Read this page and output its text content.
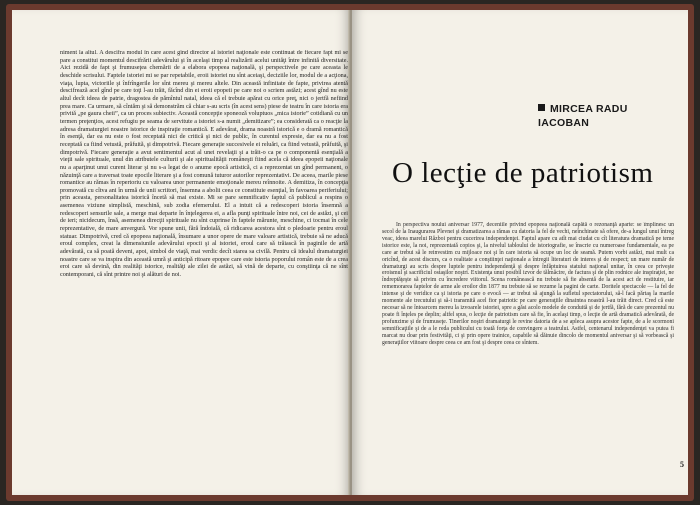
niment la altul. A descifra modul în care acest gînd director al istoriei naţionale este continuat de fiecare fapt mi se pare a constitui momentul descifrării adevărului şi în acelaşi timp al realizării acelui unităţi între infinită diversitate. Aici rezidă de fapt şi frumuseţea chemării de a elabora epopeea naţională, şi perspectivele pe care aceasta le deschide scrisului. Faptele istoriei mi se par repetabile, eroii istoriei nu sînt aceiaşi, deciziile lor, modul de a acţiona, viaţa, lupta, victoriile şi înfrîngerile lor sînt mereu şi mereu altele. Din această infinitate de fapte, privirea atentă descifrează acel gînd pe care toţi l-au trăit, făcînd din ei eroii epopeii pe care noi o scriem astăzi; acest gînd nu este altul decît ideea de patrie, dragostea de pămîntul natal, ideea că el trebuie apărat cu orice preţ, nici o jertfă nefiind prea mare. Ca urmare, să cîntăm şi să demonstrăm că chiar s-au scris (în acest sens) piese de teatru în care istoria era privită „pe gaura cheii”, ca un proces subiectiv. Această concepţie sponeoză voluptuos „mica istorie” cotidiană cu un termen preţenţios, acest refugiu pe seama de servitute a istoriei s-a numit „demitizare”; ea considerată ca o reacţie la adresa dramaturgiei noastre istorice de inspiraţie romantică. E adevărat, drama noastră istorică e o dramă romantică în esenţă, dar ea nu este o fost receptată nici de critică şi nici de public, în curentul expresie, dar ea nu a fost receptată ca fiind vetustă, prăfuită, şi dimpotrivă. Fiecare generaţie succesivele ei reluări, ca fiind vetustă, prăfuită, şi dimpotrivă. Fiecare generaţie a avut sentimentul acut al unei revelaţii şi a trăit-o ca pe o componentă esenţială a vieţii sale spirituale, unul din atributele culturii şi ale spiritualităţii româneşti fiind acela că ideea epopeii naţionale nu a aparţinut unui curent literar şi nu s-a legat de o anume epocă artistică, ci a reprezentat un gînd permanent, o năzuinţă care a traversat toate epocile literare şi a fost comună tuturor autorilor reprezentativi. De aceea, marile piese romantice au rămas în repertoriu cu valoarea unor permanente emoţionale mereu reînnoite. A demitiza, în concepţia promovată cu cîtva ani în urmă de unii scriitori, însemna a abolii ceea ce constituie esenţial, în favoarea periferiului; prin aceasta, personalitatea istorică încetă să mai existe. Mi se pare semnificativ faptul că publicul a respins o asemenea viziune simplistă, meschină, sub zodia efemerului. El a intuit că a redescoperi istoria însemnă a redescoperi sensurile sale, a merge mai departe în înţelegerea ei, a afla punţi spirituale între noi, cei de astăzi, şi cei de ieri; nicidecum, însă, asemenea direcţii spirituale nu sînt cuprinse în faptele mărunte, meschine, ci tocmai în cele reprezentative, de mare anvergură. Vor spune unii, fără îndoială, că ridicarea acestora sînt o pledoarie pentru eroul statuar. Dimpotrivă, cred că epopeea naţională, însumare a unor opere de mare valoare artistică, trebuie să ne aducă eroul complex, creat la dimensiunile adevărului epocii şi al istoriei, eroul care să trăiască în paginile de artă adevărată, ca să poată deveni, apoi, simbol de viaţă, mai verdic decît starea sa civilă. Pentru că idealul dramaturgiei noastre care se va inspira din această umră şi anticipă ritoare epopee care este istoria poporului român este de a crea eroi care să devină, din realităţi istorice, realităţi ale zilei de astăzi, să vină de departe, cu conştiinţa că ne sînt contemporani, că sînt printre noi şi alături de noi.
MIRCEA RADU IACOBAN
O lecţie de patriotism
În perspectiva noului aniversar 1977, deceniile privind epopeea naţională capătă o rezonanţă aparte: se împlinesc un secol de la Inaugurarea Plevnei şi dramatizarea a rămas cu datoria la fel de vechi, neînchinate să ofere, de-a lungul unui întreg veac, ideea marelui Război pentru cucerirea independenţei. Faptul apare cu atît mai ciudat cu cît literatura dramatică pe teme istorice este, la noi, reprezentată copios şi, la nivelul tabloului de istoriografie, se înscrie cu numeroase fundamentale, ea pe care ar trebui să le reinvestim cu mijloace noi şi în care istoria să ocupe un loc de seamă. Putem vorbi astăzi, mai mult ca oricînd, de acest discurs, ca o realitate a conştiinţei naţionale a întregii literaturi de interes şi de respect; un mare număr de dramaturgi au scris despre luptele pentru independenţă şi despre înfăptuirea statului naţional unitar, în ceea ce priveşte eroismul şi sacrificiul ostaşilor noştri. Existenţa unui posibil izvor de tălmăcire, de factura şi de plin rodnice ale inspiraţiei, ne îndreptăţeşte să privim cu încredere viitorul. Scena românească nu trebuie să fie absentă de la acest act de restituire, iar rememorarea faptelor de arme ale eroilor din 1877 nu trebuie să se rezume la pagini de carte. Doritele spectacole — la fel de intense şi de veridice ca şi istoria pe care o evocă — ar trebui să ajungă la sufletul spectatorului, să-l facă părtaş la marile momente ale trecutului şi să-i transmită acel fior patriotic pe care generaţiile dinaintea noastră l-au trăit direct. Cred că este necesar să ne întoarcem mereu la izvoarele istoriei, spre a găsi acolo modele de conduită şi de jertfă, fără de care prezentul nu poate fi înţeles pe deplin; altfel spus, o lecţie de patriotism care să fie, în acelaşi timp, o lecţie de artă dramatică adevărată, de profunzime şi de frumuseţe. Tinerilor noştri dramaturgi le revine datoria de a se apleca asupra acestor fapte, de a le scormoni semnificaţiile şi de a le reda publicului cu toată forţa de convingere a teatrului. Astfel, centenarul independenţei va putea fi marcat nu doar prin festivităţi, ci şi prin opere trainice, capabile să dăinuie dincolo de momentul aniversar şi să vorbească şi generaţiilor viitoare despre ceea ce am fost şi despre ceea ce sîntem.
5
